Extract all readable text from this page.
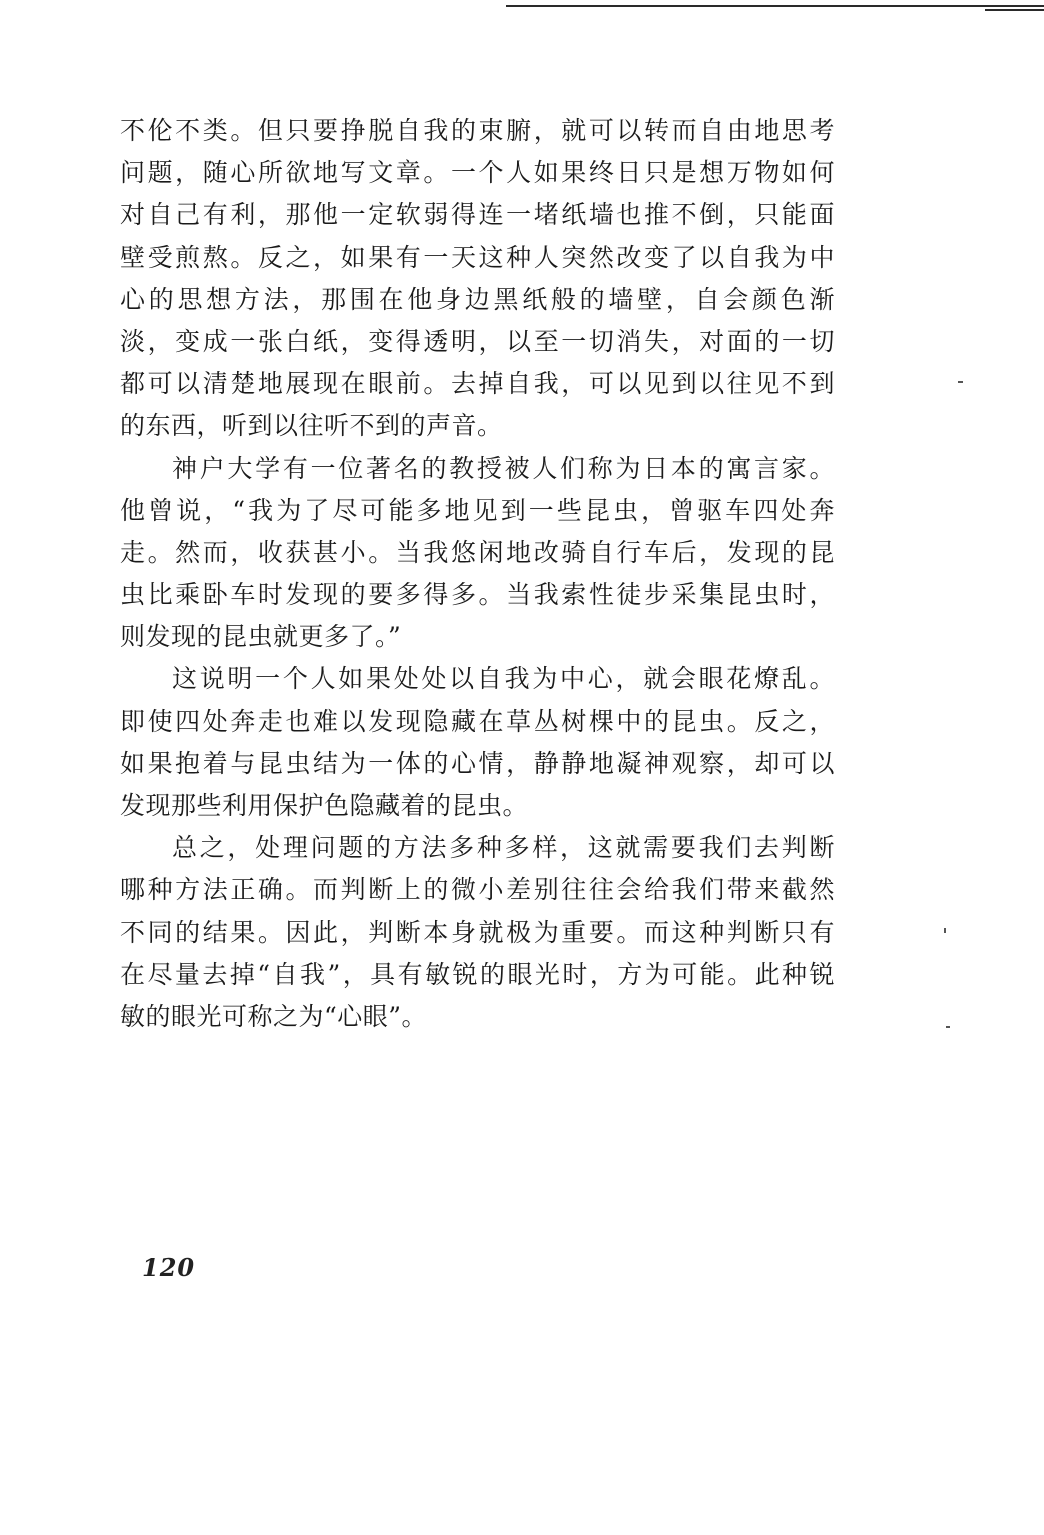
不伦不类。但只要挣脱自我的束腑，就可以转而自由地思考
问题，随心所欲地写文章。一个人如果终日只是想万物如何
对自己有利，那他一定软弱得连一堵纸墙也推不倒，只能面
壁受煎熬。反之，如果有一天这种人突然改变了以自我为中
心的思想方法，那围在他身边黑纸般的墙壁，自会颜色渐
淡，变成一张白纸，变得透明，以至一切消失，对面的一切
都可以清楚地展现在眼前。去掉自我，可以见到以往见不到
的东西，听到以往听不到的声音。
神户大学有一位著名的教授被人们称为日本的寓言家。
他曾说，“我为了尽可能多地见到一些昆虫，曾驱车四处奔
走。然而，收获甚小。当我悠闲地改骑自行车后，发现的昆
虫比乘卧车时发现的要多得多。当我索性徒步采集昆虫时，
则发现的昆虫就更多了。”
这说明一个人如果处处以自我为中心，就会眼花燎乱。
即使四处奔走也难以发现隐藏在草丛树棵中的昆虫。反之，
如果抱着与昆虫结为一体的心情，静静地凝神观察，却可以
发现那些利用保护色隐藏着的昆虫。
总之，处理问题的方法多种多样，这就需要我们去判断
哪种方法正确。而判断上的微小差别往往会给我们带来截然
不同的结果。因此，判断本身就极为重要。而这种判断只有
在尽量去掉“自我”，具有敏锐的眼光时，方为可能。此种锐
敏的眼光可称之为“心眼”。
120
